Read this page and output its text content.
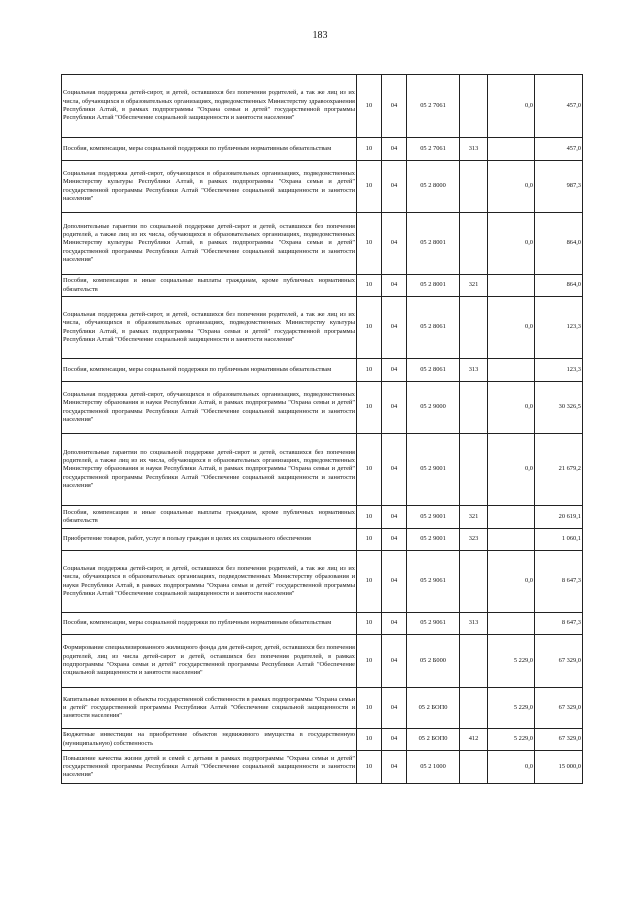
183
Социальная поддержка детей-сирот, и детей, оставшихся без попечения родителей, а так же лиц из их числа, обучающихся в образовательных организациях, подведомственных Министерству здравоохранения Республики Алтай, в рамках подпрограммы "Охрана семьи и детей" государственной программы Республики Алтай "Обеспечение социальной защищенности и занятости населения"	10	04	05 2 7061		0,0	457,0
Пособия, компенсации, меры социальной поддержки по публичным нормативным обязательствам	10	04	05 2 7061	313		457,0
Социальная поддержка детей-сирот, обучающихся в образовательных организациях, подведомственных Министерству культуры Республики Алтай, в рамках подпрограммы "Охрана семьи и детей" государственной программы Республики Алтай "Обеспечение социальной защищенности и занятости населения"	10	04	05 2 8000		0,0	987,3
Дополнительные гарантии по социальной поддержке детей-сирот и детей, оставшихся без попечения родителей, а также лиц из их числа, обучающихся в образовательных организациях, подведомственных Министерству культуры Республики Алтай, в рамках подпрограммы "Охрана семьи и детей" государственной программы Республики Алтай "Обеспечение социальной защищенности и занятости населения"	10	04	05 2 8001		0,0	864,0
Пособия, компенсации и иные социальные выплаты гражданам, кроме публичных нормативных обязательств	10	04	05 2 8001	321		864,0
Социальная поддержка детей-сирот, и детей, оставшихся без попечения родителей, а так же лиц из их числа, обучающихся в образовательных организациях, подведомственных Министерству культуры Республики Алтай, в рамках подпрограммы "Охрана семьи и детей" государственной программы Республики Алтай "Обеспечение социальной защищенности и занятости населения"	10	04	05 2 8061		0,0	123,3
Пособия, компенсации, меры социальной поддержки по публичным нормативным обязательствам	10	04	05 2 8061	313		123,3
Социальная поддержка детей-сирот, обучающихся в образовательных организациях, подведомственных Министерству образования и науки Республики Алтай, в рамках подпрограммы "Охрана семьи и детей" государственной программы Республики Алтай "Обеспечение социальной защищенности и занятости населения"	10	04	05 2 9000		0,0	30 326,5
Дополнительные гарантии по социальной поддержке детей-сирот и детей, оставшихся без попечения родителей, а также лиц из их числа, обучающихся в образовательных организациях, подведомственных Министерству образования и науки Республики Алтай, в рамках подпрограммы "Охрана семьи и детей" государственной программы Республики Алтай "Обеспечение социальной защищенности и занятости населения"	10	04	05 2 9001		0,0	21 679,2
Пособия, компенсации и иные социальные выплаты гражданам, кроме публичных нормативных обязательств	10	04	05 2 9001	321		20 619,1
Приобретение товаров, работ, услуг в пользу граждан в целях их социального обеспечения	10	04	05 2 9001	323		1 060,1
Социальная поддержка детей-сирот, и детей, оставшихся без попечения родителей, а так же лиц из их числа, обучающихся в образовательных организациях, подведомственных Министерству образования и науки Республики Алтай, в рамках подпрограммы "Охрана семьи и детей" государственной программы Республики Алтай "Обеспечение социальной защищенности и занятости населения"	10	04	05 2 9061		0,0	8 647,3
Пособия, компенсации, меры социальной поддержки по публичным нормативным обязательствам	10	04	05 2 9061	313		8 647,3
Формирование специализированного жилищного фонда для детей-сирот, детей, оставшихся без попечения родителей, лиц из числа детей-сирот и детей, оставшихся без попечения родителей, в рамках подпрограммы "Охрана семьи и детей" государственной программы Республики Алтай "Обеспечение социальной защищенности и занятости населения"	10	04	05 2 Б000		5 229,0	67 329,0
Капитальные вложения в объекты государственной собственности в рамках подпрограммы "Охрана семьи и детей" государственной программы Республики Алтай "Обеспечение социальной защищенности и занятости населения"	10	04	05 2 БОП0		5 229,0	67 329,0
Бюджетные инвестиции на приобретение объектов недвижимого имущества в государственную (муниципальную) собственность	10	04	05 2 БОП0	412	5 229,0	67 329,0
Повышение качества жизни детей и семей с детьми в рамках подпрограммы "Охрана семьи и детей" государственной программы Республики Алтай "Обеспечение социальной защищенности и занятости населения"	10	04	05 2 1000		0,0	15 000,0
